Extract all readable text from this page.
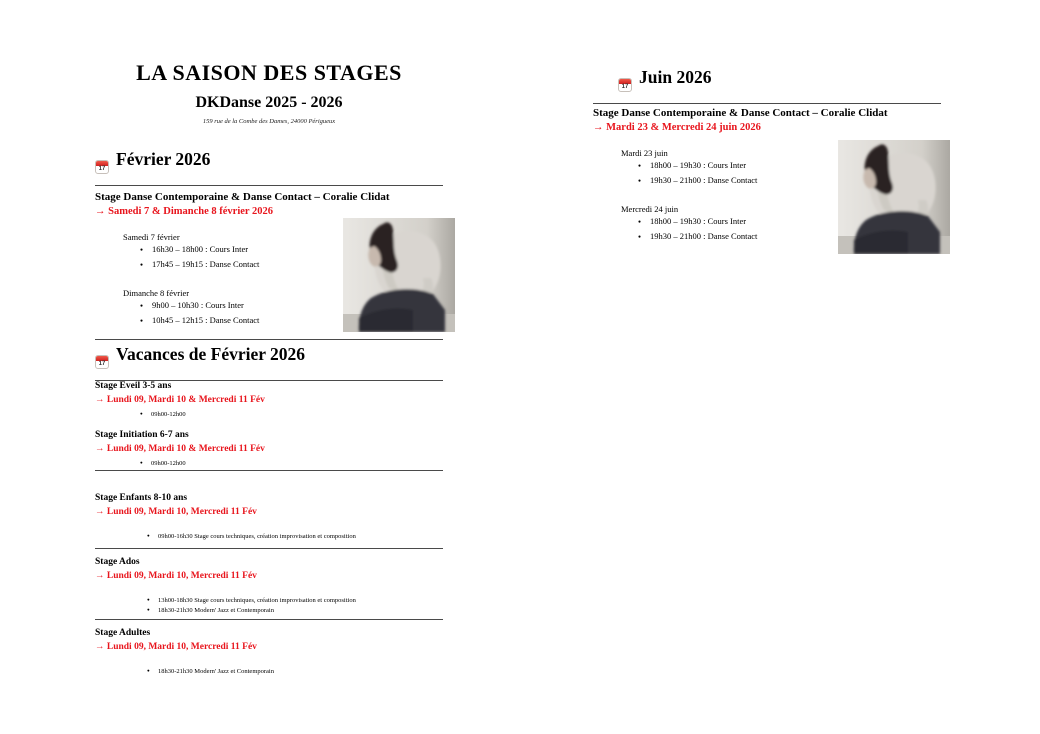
LA SAISON DES STAGES
DKDanse 2025 - 2026
159 rue de la Combe des Dames, 24000 Périgueux
17 Février 2026
Stage Danse Contemporaine & Danse Contact – Coralie Clidat
→ Samedi 7 & Dimanche 8 février 2026
Samedi 7 février
●
16h30 – 18h00 : Cours Inter
●
17h45 – 19h15 : Danse Contact
Dimanche 8 février
●
9h00 – 10h30 : Cours Inter
●
10h45 – 12h15 : Danse Contact
17 Vacances de Février 2026
Stage Eveil 3-5 ans
→ Lundi 09, Mardi 10 & Mercredi 11 Fév
●
09h00-12h00
Stage Initiation 6-7 ans
→ Lundi 09, Mardi 10 & Mercredi 11 Fév
●
09h00-12h00
Stage Enfants 8-10 ans
→ Lundi 09, Mardi 10, Mercredi 11 Fév
●
09h00-16h30 Stage cours techniques, création improvisation et composition
Stage Ados
→ Lundi 09, Mardi 10, Mercredi 11 Fév
●
13h00-18h30 Stage cours techniques, création improvisation et composition
●
18h30-21h30 Modern' Jazz et Contemporain
Stage Adultes
→ Lundi 09, Mardi 10, Mercredi 11 Fév
●
18h30-21h30 Modern' Jazz et Contemporain
17 Juin 2026
Stage Danse Contemporaine & Danse Contact – Coralie Clidat
→ Mardi 23 & Mercredi 24 juin 2026
Mardi 23 juin
●
18h00 – 19h30 : Cours Inter
●
19h30 – 21h00 : Danse Contact
Mercredi 24 juin
●
18h00 – 19h30 : Cours Inter
●
19h30 – 21h00 : Danse Contact
